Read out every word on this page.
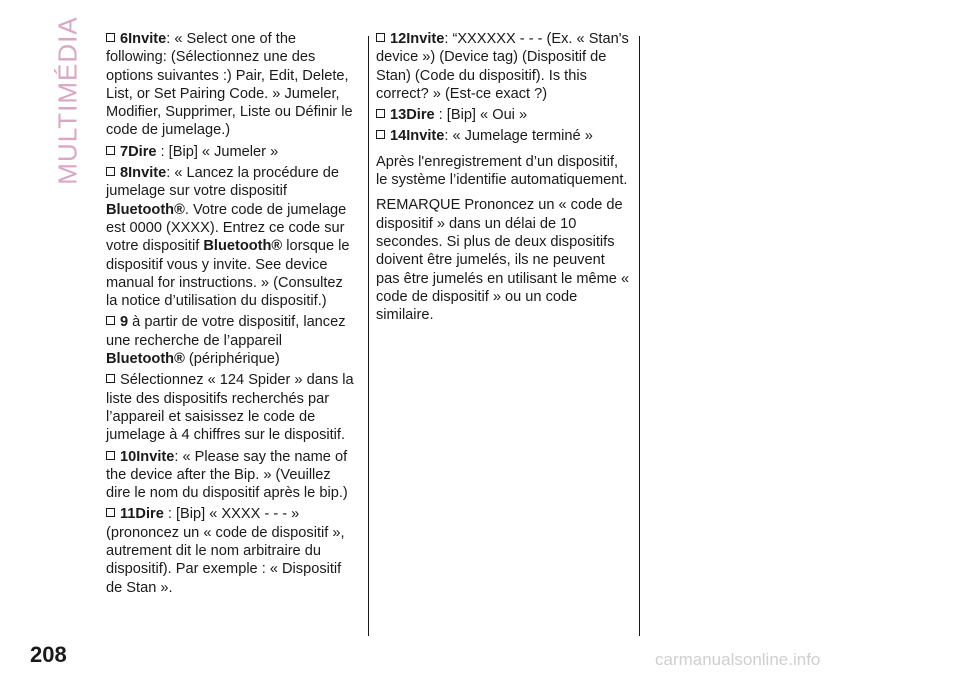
MULTIMÉDIA	6Invite: « Select one of the following: (Sélectionnez une des options suivantes :) Pair, Edit, Delete, List, or Set Pairing Code. » Jumeler, Modifier, Supprimer, Liste ou Définir le code de jumelage.)

7Dire : [Bip] « Jumeler »

8Invite: « Lancez la procédure de jumelage sur votre dispositif Bluetooth®. Votre code de jumelage est 0000 (XXXX). Entrez ce code sur votre dispositif Bluetooth® lorsque le dispositif vous y invite. See device manual for instructions. » (Consultez la notice d’utilisation du dispositif.)

9 à partir de votre dispositif, lancez une recherche de l’appareil Bluetooth® (périphérique)

Sélectionnez « 124 Spider » dans la liste des dispositifs recherchés par l’appareil et saisissez le code de jumelage à 4 chiffres sur le dispositif.

10Invite: « Please say the name of the device after the Bip. » (Veuillez dire le nom du dispositif après le bip.)

11Dire : [Bip] « XXXX - - - » (prononcez un « code de dispositif », autrement dit le nom arbitraire du dispositif). Par exemple : « Dispositif de Stan ».

12Invite: “XXXXXX - - - (Ex. « Stan's device ») (Device tag) (Dispositif de Stan) (Code du dispositif). Is this correct? » (Est-ce exact ?)

13Dire : [Bip] « Oui »

14Invite: « Jumelage terminé »

Après l'enregistrement d’un dispositif, le système l’identifie automatiquement.

REMARQUE Prononcez un « code de dispositif » dans un délai de 10 secondes. Si plus de deux dispositifs doivent être jumelés, ils ne peuvent pas être jumelés en utilisant le même « code de dispositif » ou un code similaire.

208	carmanualsonline.info
